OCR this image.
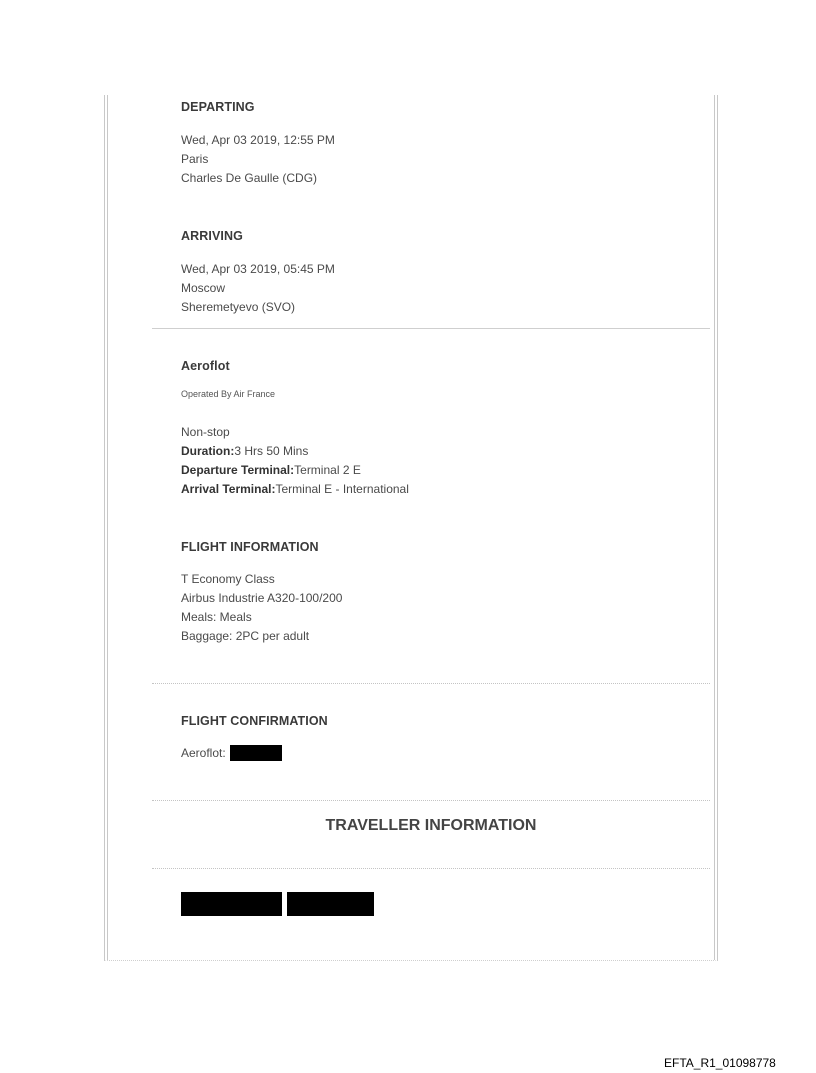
DEPARTING
Wed, Apr 03 2019, 12:55 PM
Paris
Charles De Gaulle (CDG)
ARRIVING
Wed, Apr 03 2019, 05:45 PM
Moscow
Sheremetyevo (SVO)
Aeroflot
Operated By Air France
Non-stop
Duration:3 Hrs 50 Mins
Departure Terminal:Terminal 2 E
Arrival Terminal:Terminal E - International
FLIGHT INFORMATION
T Economy Class
Airbus Industrie A320-100/200
Meals: Meals
Baggage: 2PC per adult
FLIGHT CONFIRMATION
Aeroflot:
TRAVELLER INFORMATION
EFTA_R1_01098778
